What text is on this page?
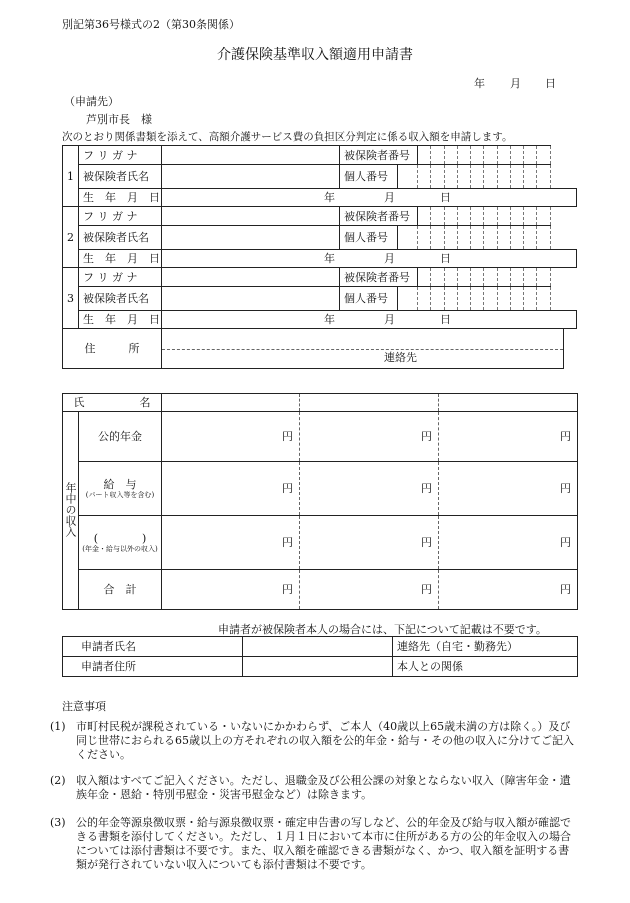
別記第36号様式の2（第30条関係）
介護保険基準収入額適用申請書
年 月 日
（申請先）
芦別市長　様
次のとおり関係書類を添えて、高額介護サービス費の負担区分判定に係る収入額を申請します。
1	フ リ ガ ナ		被保険者番号											
	被保険者氏名		個人番号											
	生　年　月　日	年 月 日												

2	フ リ ガ ナ		被保険者番号											
	被保険者氏名		個人番号											
	生　年　月　日	年 月 日												

3	フ リ ガ ナ		被保険者番号											
	被保険者氏名		個人番号											
	生　年　月　日	年 月 日												

住　　　所		連絡先												
氏　　　　　名				
年中の収入	公的年金	円	円	円

	給　与
(パート収入等を含む)	円	円	円

	(　　　　)
(年金・給与以外の収入)	円	円	円
	合　計	円	円	円
申請者が被保険者本人の場合には、下記について記載は不要です。
申請者氏名		連絡先（自宅・勤務先）
申請者住所		本人との関係
注意事項
(1) 市町村民税が課税されている・いないにかかわらず、ご本人（40歳以上65歳未満の方は除く。）及び同じ世帯におられる65歳以上の方それぞれの収入額を公的年金・給与・その他の収入に分けてご記入ください。
(2) 収入額はすべてご記入ください。ただし、退職金及び公租公課の対象とならない収入（障害年金・遺族年金・恩給・特別弔慰金・災害弔慰金など）は除きます。
(3) 公的年金等源泉徴収票・給与源泉徴収票・確定申告書の写しなど、公的年金及び給与収入額が確認できる書類を添付してください。ただし、１月１日において本市に住所がある方の公的年金収入の場合については添付書類は不要です。また、収入額を確認できる書類がなく、かつ、収入額を証明する書類が発行されていない収入についても添付書類は不要です。
